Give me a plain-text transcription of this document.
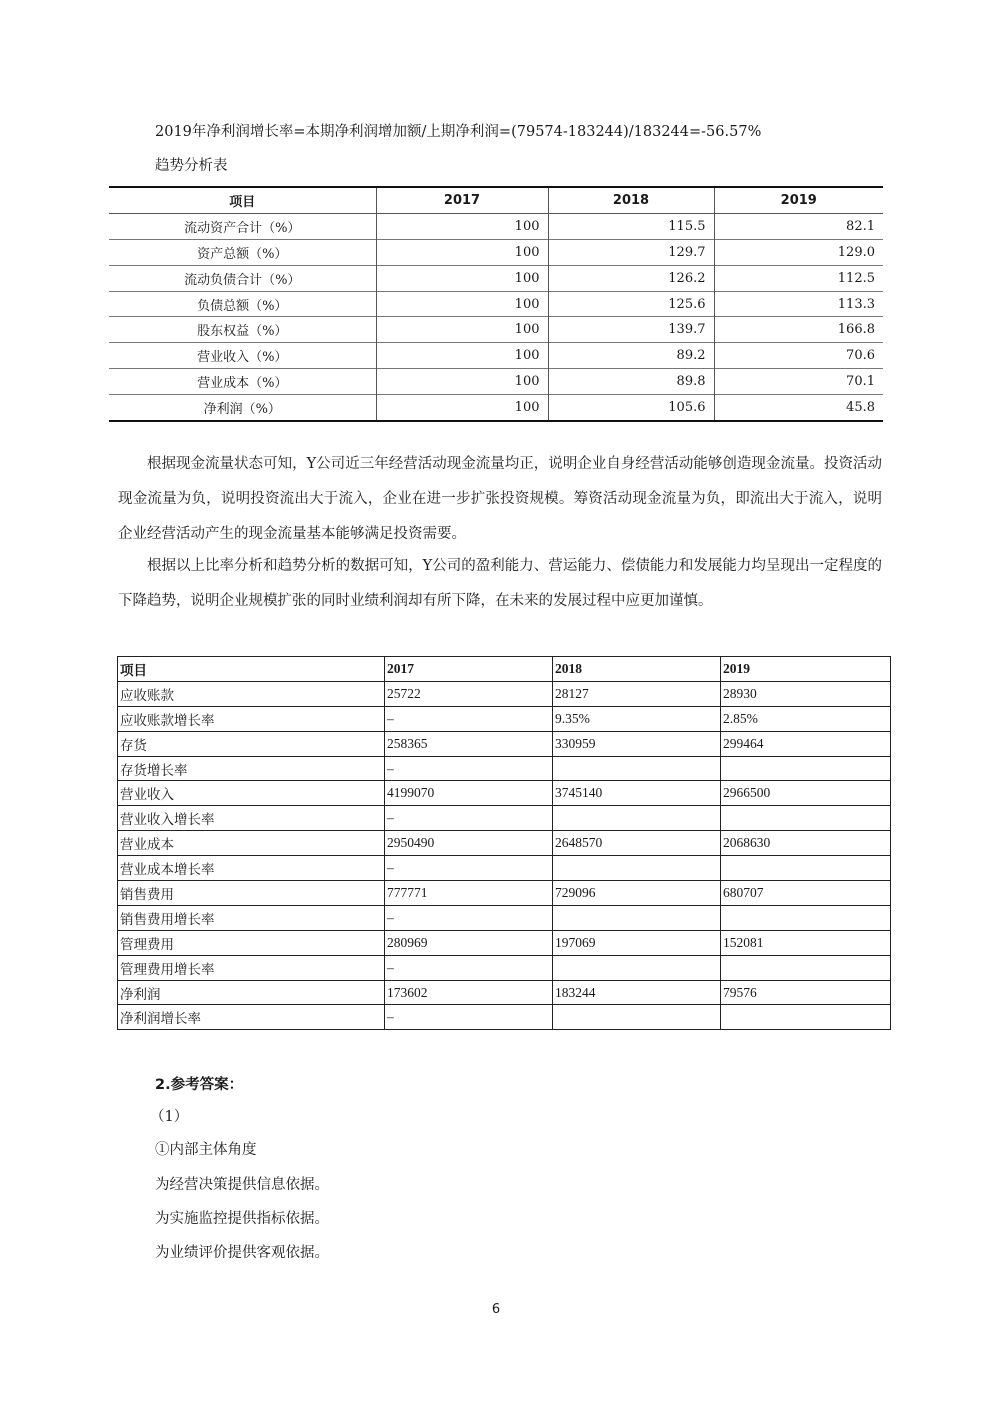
2019年净利润增长率=本期净利润增加额/上期净利润=(79574-183244)/183244=-56.57%
趋势分析表
项目	2017	2018	2019
流动资产合计（%）	100	115.5	82.1
资产总额（%）	100	129.7	129.0
流动负债合计（%）	100	126.2	112.5
负债总额（%）	100	125.6	113.3
股东权益（%）	100	139.7	166.8
营业收入（%）	100	89.2	70.6
营业成本（%）	100	89.8	70.1
净利润（%）	100	105.6	45.8

根据现金流量状态可知，Y公司近三年经营活动现金流量均正，说明企业自身经营活动能够创造现金流量。投资活动现金流量为负，说明投资流出大于流入，企业在进一步扩张投资规模。筹资活动现金流量为负，即流出大于流入，说明企业经营活动产生的现金流量基本能够满足投资需要。

根据以上比率分析和趋势分析的数据可知，Y公司的盈利能力、营运能力、偿债能力和发展能力均呈现出一定程度的下降趋势，说明企业规模扩张的同时业绩利润却有所下降，在未来的发展过程中应更加谨慎。

项目	2017	2018	2019
应收账款	25722	28127	28930
应收账款增长率	–	9.35%	2.85%
存货	258365	330959	299464
存货增长率	–		
营业收入	4199070	3745140	2966500
营业收入增长率	–		
营业成本	2950490	2648570	2068630
营业成本增长率	–		
销售费用	777771	729096	680707
销售费用增长率	–		
管理费用	280969	197069	152081
管理费用增长率	–		
净利润	173602	183244	79576
净利润增长率	–		
2.参考答案：
（1）
①内部主体角度
为经营决策提供信息依据。
为实施监控提供指标依据。
为业绩评价提供客观依据。
6
